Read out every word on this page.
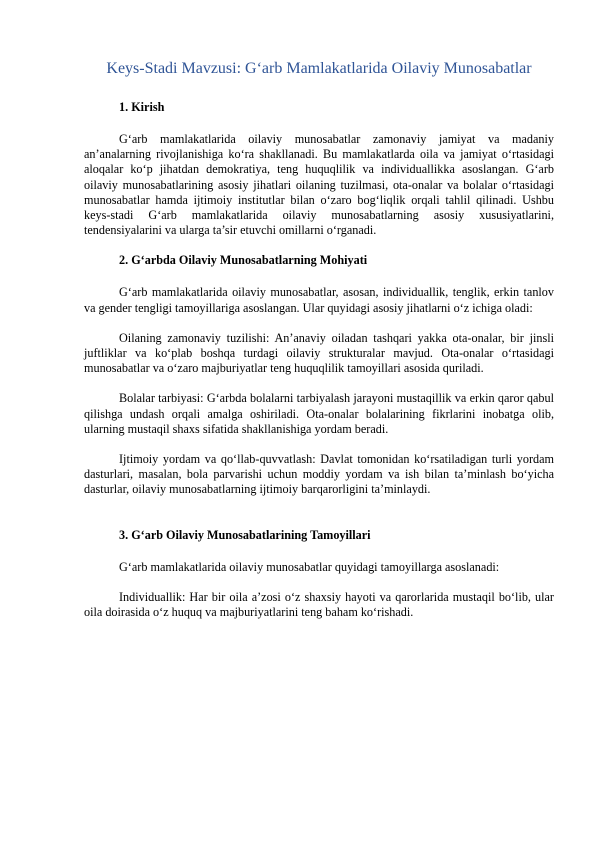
Keys-Stadi Mavzusi: G‘arb Mamlakatlarida Oilaviy Munosabatlar
1. Kirish

G‘arb mamlakatlarida oilaviy munosabatlar zamonaviy jamiyat va madaniy an’analarning rivojlanishiga ko‘ra shakllanadi. Bu mamlakatlarda oila va jamiyat o‘rtasidagi aloqalar ko‘p jihatdan demokratiya, teng huquqlilik va individuallikka asoslangan. G‘arb oilaviy munosabatlarining asosiy jihatlari oilaning tuzilmasi, ota-onalar va bolalar o‘rtasidagi munosabatlar hamda ijtimoiy institutlar bilan o‘zaro bog‘liqlik orqali tahlil qilinadi. Ushbu keys-stadi G‘arb mamlakatlarida oilaviy munosabatlarning asosiy xususiyatlarini, tendensiyalarini va ularga ta’sir etuvchi omillarni o‘rganadi.

2. G‘arbda Oilaviy Munosabatlarning Mohiyati

G‘arb mamlakatlarida oilaviy munosabatlar, asosan, individuallik, tenglik, erkin tanlov va gender tengligi tamoyillariga asoslangan. Ular quyidagi asosiy jihatlarni o‘z ichiga oladi:

Oilaning zamonaviy tuzilishi: An’anaviy oiladan tashqari yakka ota-onalar, bir jinsli juftliklar va ko‘plab boshqa turdagi oilaviy strukturalar mavjud. Ota-onalar o‘rtasidagi munosabatlar va o‘zaro majburiyatlar teng huquqlilik tamoyillari asosida quriladi.

Bolalar tarbiyasi: G‘arbda bolalarni tarbiyalash jarayoni mustaqillik va erkin qaror qabul qilishga undash orqali amalga oshiriladi. Ota-onalar bolalarining fikrlarini inobatga olib, ularning mustaqil shaxs sifatida shakllanishiga yordam beradi.

Ijtimoiy yordam va qo‘llab-quvvatlash: Davlat tomonidan ko‘rsatiladigan turli yordam dasturlari, masalan, bola parvarishi uchun moddiy yordam va ish bilan ta’minlash bo‘yicha dasturlar, oilaviy munosabatlarning ijtimoiy barqarorligini ta’minlaydi.

3. G‘arb Oilaviy Munosabatlarining Tamoyillari

G‘arb mamlakatlarida oilaviy munosabatlar quyidagi tamoyillarga asoslanadi:

Individuallik: Har bir oila a’zosi o‘z shaxsiy hayoti va qarorlarida mustaqil bo‘lib, ular oila doirasida o‘z huquq va majburiyatlarini teng baham ko‘rishadi.
